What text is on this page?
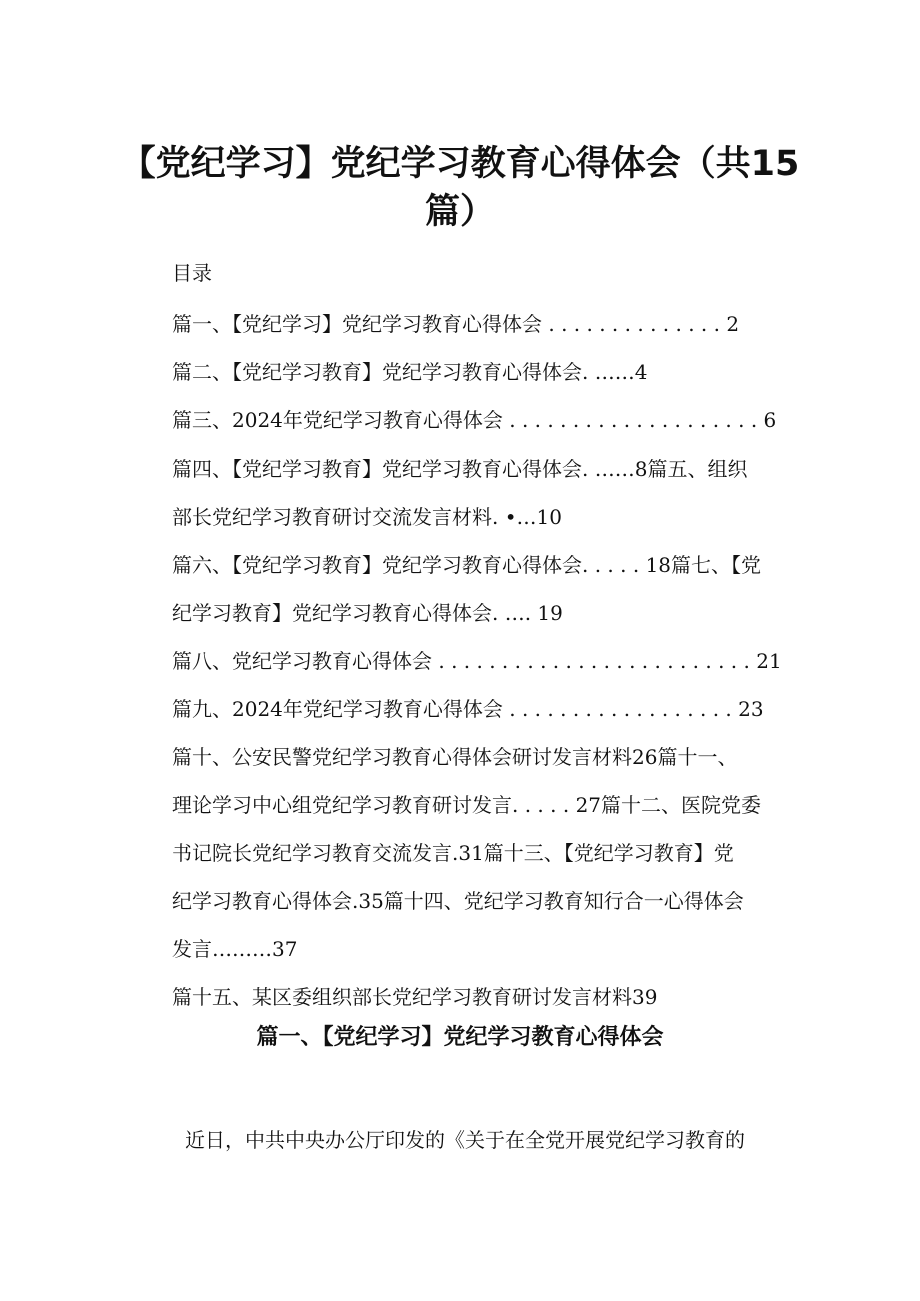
【党纪学习】党纪学习教育心得体会（共15
篇）
目录
篇一、【党纪学习】党纪学习教育心得体会 . . . . . . . . . . . . . . 2
篇二、【党纪学习教育】党纪学习教育心得体会. ……4
篇三、2024年党纪学习教育心得体会 . . . . . . . . . . . . . . . . . . . . 6
篇四、【党纪学习教育】党纪学习教育心得体会. ……8篇五、组织
部长党纪学习教育研讨交流发言材料. •…10
篇六、【党纪学习教育】党纪学习教育心得体会. . . . . 18篇七、【党
纪学习教育】党纪学习教育心得体会. …. 19
篇八、党纪学习教育心得体会 . . . . . . . . . . . . . . . . . . . . . . . . . 21
篇九、2024年党纪学习教育心得体会 . . . . . . . . . . . . . . . . . . 23
篇十、公安民警党纪学习教育心得体会研讨发言材料26篇十一、
理论学习中心组党纪学习教育研讨发言. . . . . 27篇十二、医院党委
书记院长党纪学习教育交流发言.31篇十三、【党纪学习教育】党
纪学习教育心得体会.35篇十四、党纪学习教育知行合一心得体会
发言………37
篇十五、某区委组织部长党纪学习教育研讨发言材料39
篇一、【党纪学习】党纪学习教育心得体会
近日，中共中央办公厅印发的《关于在全党开展党纪学习教育的
